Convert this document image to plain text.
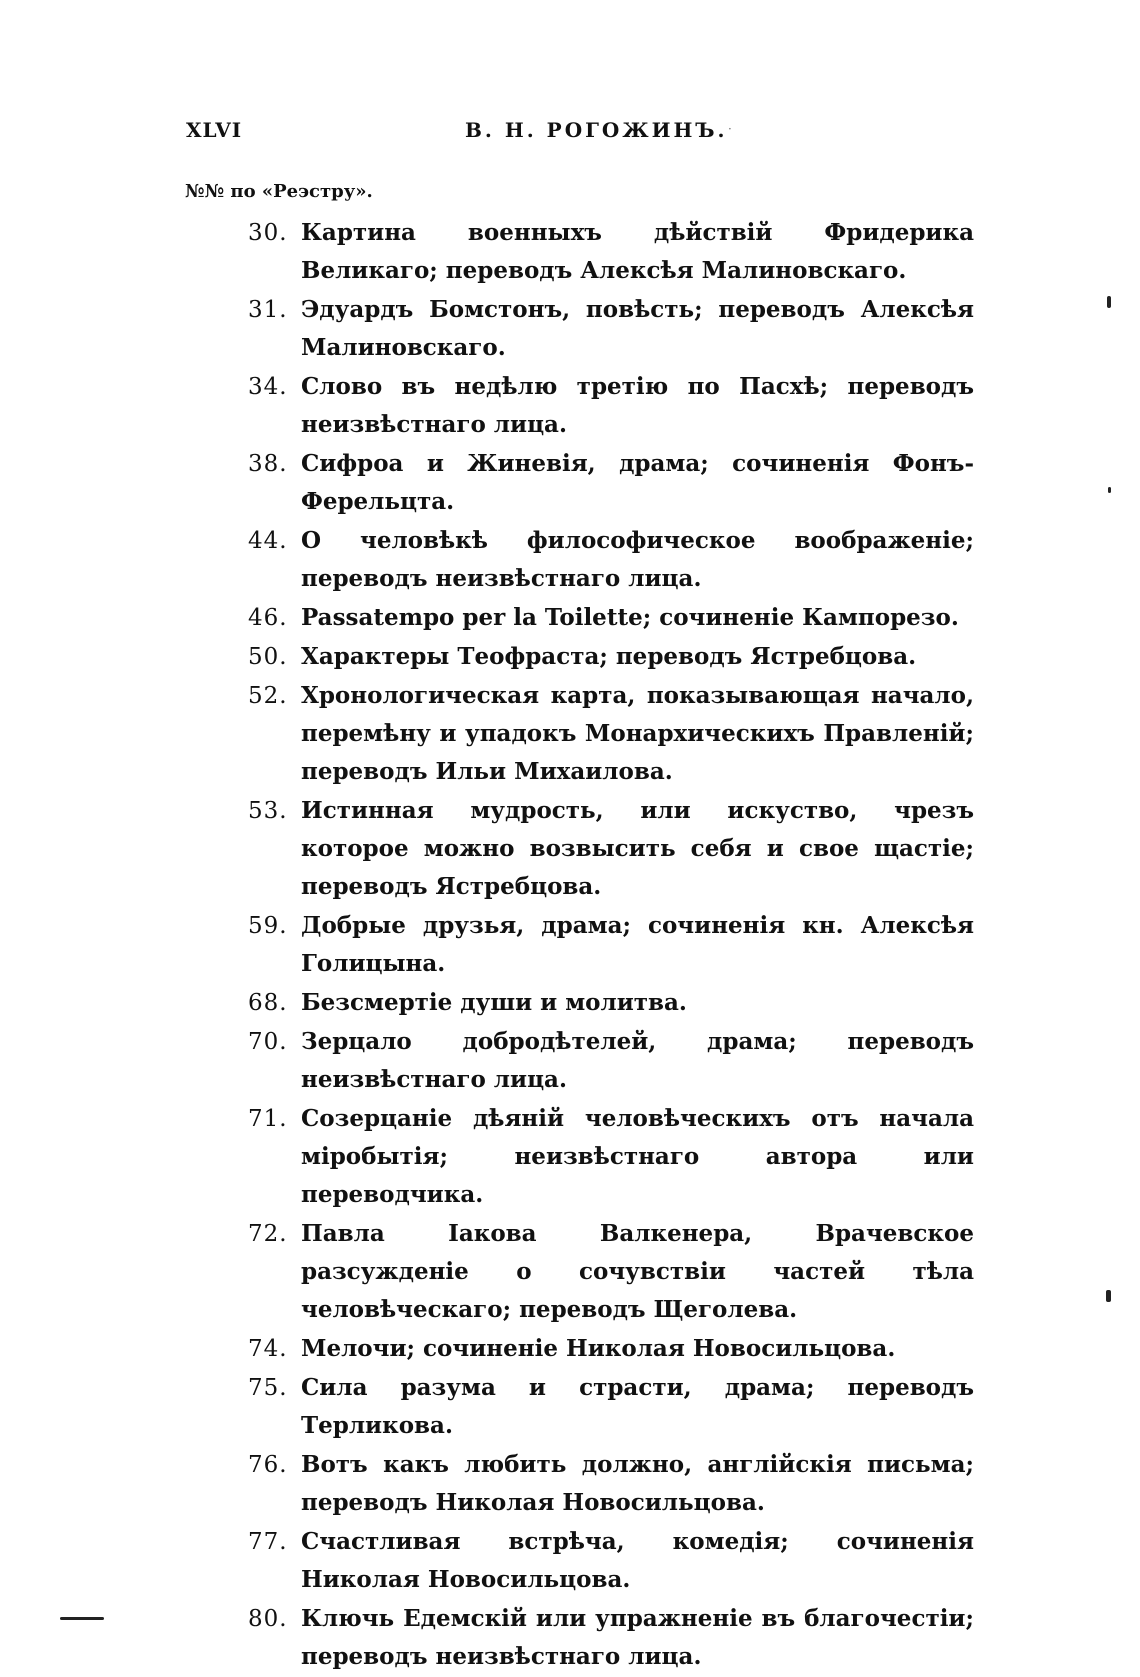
XLVI	В. Н. РОГОЖИНЪ. ·
№№ по «Реэстру».
30. Картина военныхъ дѣйствій Фридерика Великаго; переводъ Алексѣя Малиновскаго.
31. Эдуардъ Бомстонъ, повѣсть; переводъ Алексѣя Малиновскаго.
34. Слово въ недѣлю третію по Пасхѣ; переводъ неизвѣстнаго лица.
38. Сифроа и Жиневія, драма; сочиненія Фонъ-Ферельцта.
44. О человѣкѣ философическое воображеніе; переводъ неизвѣстнаго лица.
46. Passatempo per la Toilette; сочиненіе Кампорезо.
50. Характеры Теофраста; переводъ Ястребцова.
52. Хронологическая карта, показывающая начало, перемѣну и упадокъ Монархическихъ Правленій; переводъ Ильи Михаилова.
53. Истинная мудрость, или искуство, чрезъ которое можно возвысить себя и свое щастіе; переводъ Ястребцова.
59. Добрые друзья, драма; сочиненія кн. Алексѣя Голицына.
68. Безсмертіе души и молитва.
70. Зерцало добродѣтелей, драма; переводъ неизвѣстнаго лица.
71. Созерцаніе дѣяній человѣческихъ отъ начала міробытія; неизвѣстнаго автора или переводчика.
72. Павла Іакова Валкенера, Врачевское разсужденіе о сочувствіи частей тѣла человѣческаго; переводъ Щеголева.
74. Мелочи; сочиненіе Николая Новосильцова.
75. Сила разума и страсти, драма; переводъ Терликова.
76. Вотъ какъ любить должно, англійскія письма; переводъ Николая Новосильцова.
77. Счастливая встрѣча, комедія; сочиненія Николая Новосильцова.
80. Ключь Едемскій или упражненіе въ благочестіи; переводъ неизвѣстнаго лица.
